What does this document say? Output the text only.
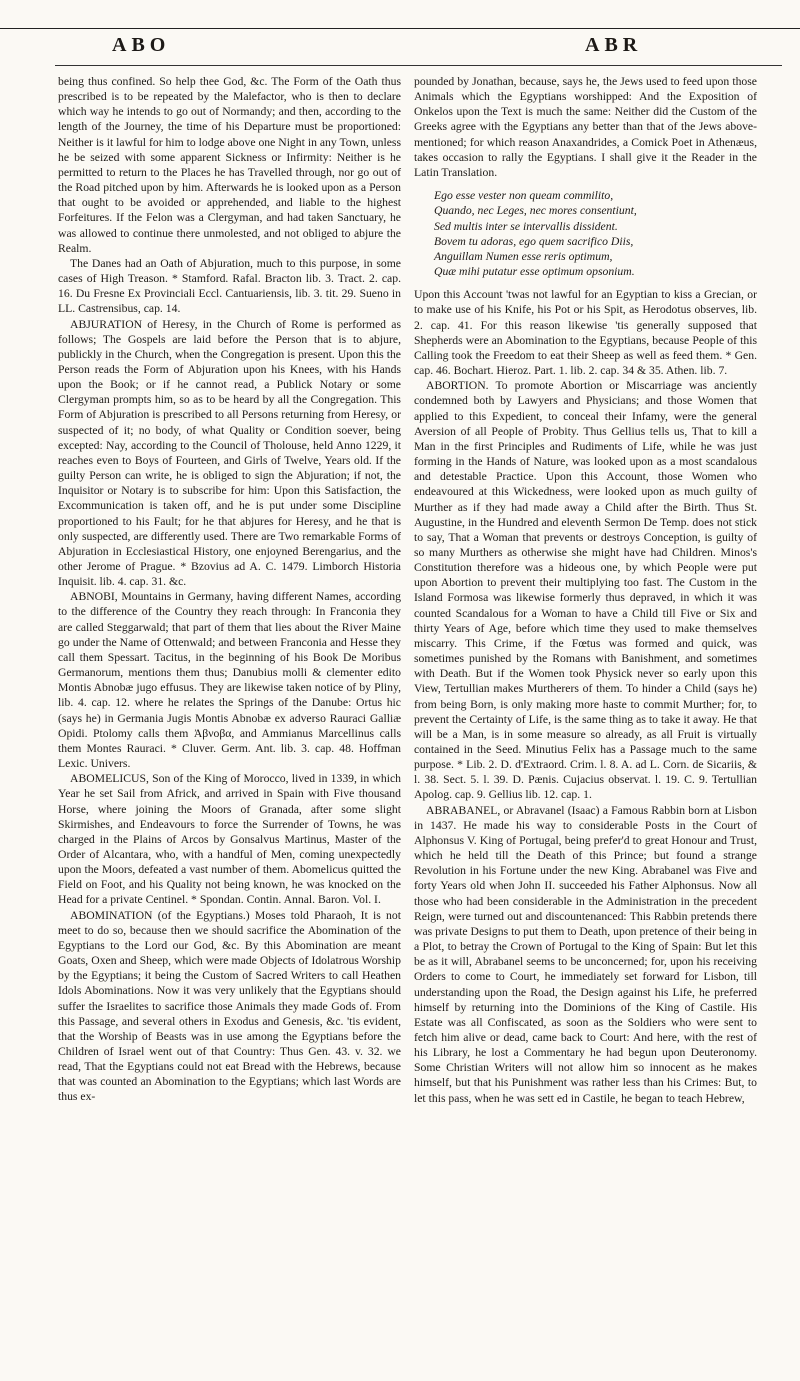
ABO	ABR

being thus confined. So help thee God, &c. The Form of the Oath thus prescribed is to be repeated by the Malefactor, who is then to declare which way he intends to go out of Normandy; and then, according to the length of the Journey, the time of his Departure must be proportioned: Neither is it lawful for him to lodge above one Night in any Town, unless he be seized with some apparent Sickness or Infirmity: Neither is he permitted to return to the Places he has Travelled through, nor go out of the Road pitched upon by him. Afterwards he is looked upon as a Person that ought to be avoided or apprehended, and liable to the highest Forfeitures. If the Felon was a Clergyman, and had taken Sanctuary, he was allowed to continue there unmolested, and not obliged to abjure the Realm.

The Danes had an Oath of Abjuration, much to this purpose, in some cases of High Treason. * Stamford. Rafal. Bracton lib. 3. Tract. 2. cap. 16. Du Fresne Ex Provinciali Eccl. Cantuariensis, lib. 3. tit. 29. Sueno in LL. Castrensibus, cap. 14.

ABJURATION of Heresy, in the Church of Rome is performed as follows; The Gospels are laid before the Person that is to abjure, publickly in the Church, when the Congregation is present. Upon this the Person reads the Form of Abjuration upon his Knees, with his Hands upon the Book; or if he cannot read, a Publick Notary or some Clergyman prompts him, so as to be heard by all the Congregation. This Form of Abjuration is prescribed to all Persons returning from Heresy, or suspected of it; no body, of what Quality or Condition soever, being excepted: Nay, according to the Council of Tholouse, held Anno 1229, it reaches even to Boys of Fourteen, and Girls of Twelve, Years old. If the guilty Person can write, he is obliged to sign the Abjuration; if not, the Inquisitor or Notary is to subscribe for him: Upon this Satisfaction, the Excommunication is taken off, and he is put under some Discipline proportioned to his Fault; for he that abjures for Heresy, and he that is only suspected, are differently used. There are Two remarkable Forms of Abjuration in Ecclesiastical History, one enjoyned Berengarius, and the other Jerome of Prague. * Bzovius ad A. C. 1479. Limborch Historia Inquisit. lib. 4. cap. 31. &c.

ABNOBI, Mountains in Germany, having different Names, according to the difference of the Country they reach through: In Franconia they are called Steggarwald; that part of them that lies about the River Maine go under the Name of Ottenwald; and between Franconia and Hesse they call them Spessart. Tacitus, in the beginning of his Book De Moribus Germanorum, mentions them thus; Danubius molli & clementer edito Montis Abnobæ jugo effusus. They are likewise taken notice of by Pliny, lib. 4. cap. 12. where he relates the Springs of the Danube: Ortus hic (says he) in Germania Jugis Montis Abnobæ ex adverso Rauraci Galliæ Opidi. Ptolomy calls them Ἀβνοβα, and Ammianus Marcellinus calls them Montes Rauraci. * Cluver. Germ. Ant. lib. 3. cap. 48. Hoffman Lexic. Univers.

ABOMELICUS, Son of the King of Morocco, lived in 1339, in which Year he set Sail from Africk, and arrived in Spain with Five thousand Horse, where joining the Moors of Granada, after some slight Skirmishes, and Endeavours to force the Surrender of Towns, he was charged in the Plains of Arcos by Gonsalvus Martinus, Master of the Order of Alcantara, who, with a handful of Men, coming unexpectedly upon the Moors, defeated a vast number of them. Abomelicus quitted the Field on Foot, and his Quality not being known, he was knocked on the Head for a private Centinel. * Spondan. Contin. Annal. Baron. Vol. I.

ABOMINATION (of the Egyptians.) Moses told Pharaoh, It is not meet to do so, because then we should sacrifice the Abomination of the Egyptians to the Lord our God, &c. By this Abomination are meant Goats, Oxen and Sheep, which were made Objects of Idolatrous Worship by the Egyptians; it being the Custom of Sacred Writers to call Heathen Idols Abominations. Now it was very unlikely that the Egyptians should suffer the Israelites to sacrifice those Animals they made Gods of. From this Passage, and several others in Exodus and Genesis, &c. 'tis evident, that the Worship of Beasts was in use among the Egyptians before the Children of Israel went out of that Country: Thus Gen. 43. v. 32. we read, That the Egyptians could not eat Bread with the Hebrews, because that was counted an Abomination to the Egyptians; which last Words are thus ex-

pounded by Jonathan, because, says he, the Jews used to feed upon those Animals which the Egyptians worshipped: And the Exposition of Onkelos upon the Text is much the same: Neither did the Custom of the Greeks agree with the Egyptians any better than that of the Jews above-mentioned; for which reason Anaxandrides, a Comick Poet in Athenæus, takes occasion to rally the Egyptians. I shall give it the Reader in the Latin Translation.

Ego esse vester non queam commilito,
Quando, nec Leges, nec mores consentiunt,
Sed multis inter se intervallis dissident.
Bovem tu adoras, ego quem sacrifico Diis,
Anguillam Numen esse reris optimum,
Quæ mihi putatur esse optimum opsonium.

Upon this Account 'twas not lawful for an Egyptian to kiss a Grecian, or to make use of his Knife, his Pot or his Spit, as Herodotus observes, lib. 2. cap. 41. For this reason likewise 'tis generally supposed that Shepherds were an Abomination to the Egyptians, because People of this Calling took the Freedom to eat their Sheep as well as feed them. * Gen. cap. 46. Bochart. Hieroz. Part. 1. lib. 2. cap. 34 & 35. Athen. lib. 7.

ABORTION. To promote Abortion or Miscarriage was anciently condemned both by Lawyers and Physicians; and those Women that applied to this Expedient, to conceal their Infamy, were the general Aversion of all People of Probity. Thus Gellius tells us, That to kill a Man in the first Principles and Rudiments of Life, while he was just forming in the Hands of Nature, was looked upon as a most scandalous and detestable Practice. Upon this Account, those Women who endeavoured at this Wickedness, were looked upon as much guilty of Murther as if they had made away a Child after the Birth. Thus St. Augustine, in the Hundred and eleventh Sermon De Temp. does not stick to say, That a Woman that prevents or destroys Conception, is guilty of so many Murthers as otherwise she might have had Children. Minos's Constitution therefore was a hideous one, by which People were put upon Abortion to prevent their multiplying too fast. The Custom in the Island Formosa was likewise formerly thus depraved, in which it was counted Scandalous for a Woman to have a Child till Five or Six and thirty Years of Age, before which time they used to make themselves miscarry. This Crime, if the Fœtus was formed and quick, was sometimes punished by the Romans with Banishment, and sometimes with Death. But if the Women took Physick never so early upon this View, Tertullian makes Murtherers of them. To hinder a Child (says he) from being Born, is only making more haste to commit Murther; for, to prevent the Certainty of Life, is the same thing as to take it away. He that will be a Man, is in some measure so already, as all Fruit is virtually contained in the Seed. Minutius Felix has a Passage much to the same purpose. * Lib. 2. D. d'Extraord. Crim. l. 8. A. ad L. Corn. de Sicariis, & l. 38. Sect. 5. l. 39. D. Pænis. Cujacius observat. l. 19. C. 9. Tertullian Apolog. cap. 9. Gellius lib. 12. cap. 1.

ABRABANEL, or Abravanel (Isaac) a Famous Rabbin born at Lisbon in 1437. He made his way to considerable Posts in the Court of Alphonsus V. King of Portugal, being prefer'd to great Honour and Trust, which he held till the Death of this Prince; but found a strange Revolution in his Fortune under the new King. Abrabanel was Five and forty Years old when John II. succeeded his Father Alphonsus. Now all those who had been considerable in the Administration in the precedent Reign, were turned out and discountenanced: This Rabbin pretends there was private Designs to put them to Death, upon pretence of their being in a Plot, to betray the Crown of Portugal to the King of Spain: But let this be as it will, Abrabanel seems to be unconcerned; for, upon his receiving Orders to come to Court, he immediately set forward for Lisbon, till understanding upon the Road, the Design against his Life, he preferred himself by returning into the Dominions of the King of Castile. His Estate was all Confiscated, as soon as the Soldiers who were sent to fetch him alive or dead, came back to Court: And here, with the rest of his Library, he lost a Commentary he had begun upon Deuteronomy. Some Christian Writers will not allow him so innocent as he makes himself, but that his Punishment was rather less than his Crimes: But, to let this pass, when he was sett ed in Castile, he began to teach Hebrew,
